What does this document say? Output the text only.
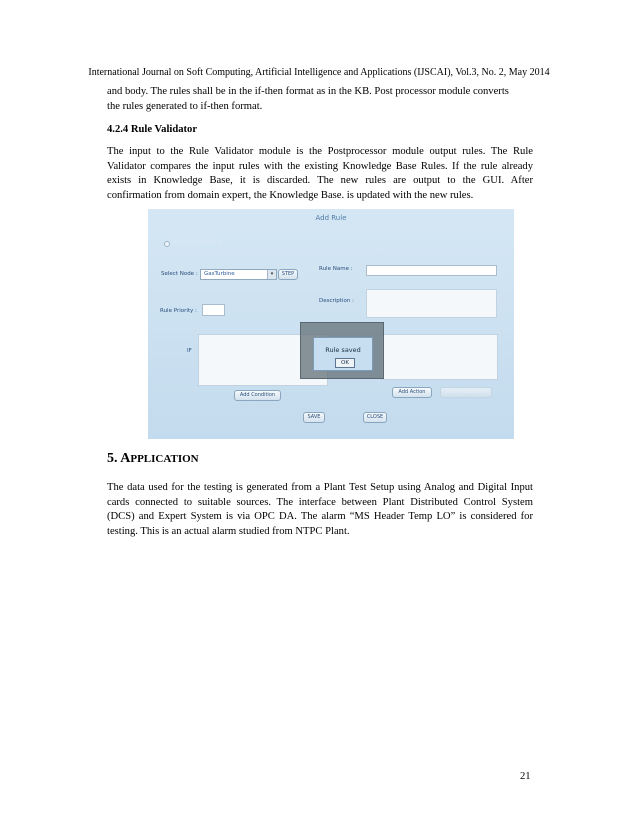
International Journal on Soft Computing, Artificial Intelligence and Applications (IJSCAI), Vol.3, No. 2, May 2014
and body. The rules shall be in the if-then format as in the KB. Post processor module converts
the rules generated to if-then format.
4.2.4 Rule Validator
The input to the Rule Validator module is the Postprocessor module output rules. The Rule
Validator compares the input rules with the existing Knowledge Base Rules. If the rule already
exists in Knowledge Base, it is discarded. The new rules are output to the GUI. After
confirmation from domain expert, the Knowledge Base. is updated with the new rules.
Add Rule
DELETE RULE ?
Select Node :	GasTurbine	▾	STEP
Rule Name :
Description :
Rule Priority :
IF
Add Condition	Add Action	Add Expression
SAVE	CLOSE
Rule saved
OK
5. APPLICATION
The data used for the testing is generated from a Plant Test Setup using Analog and Digital Input
cards connected to suitable sources. The interface between Plant Distributed Control System
(DCS) and Expert System is via OPC DA. The alarm “MS Header Temp LO” is considered for
testing. This is an actual alarm studied from NTPC Plant.
21
